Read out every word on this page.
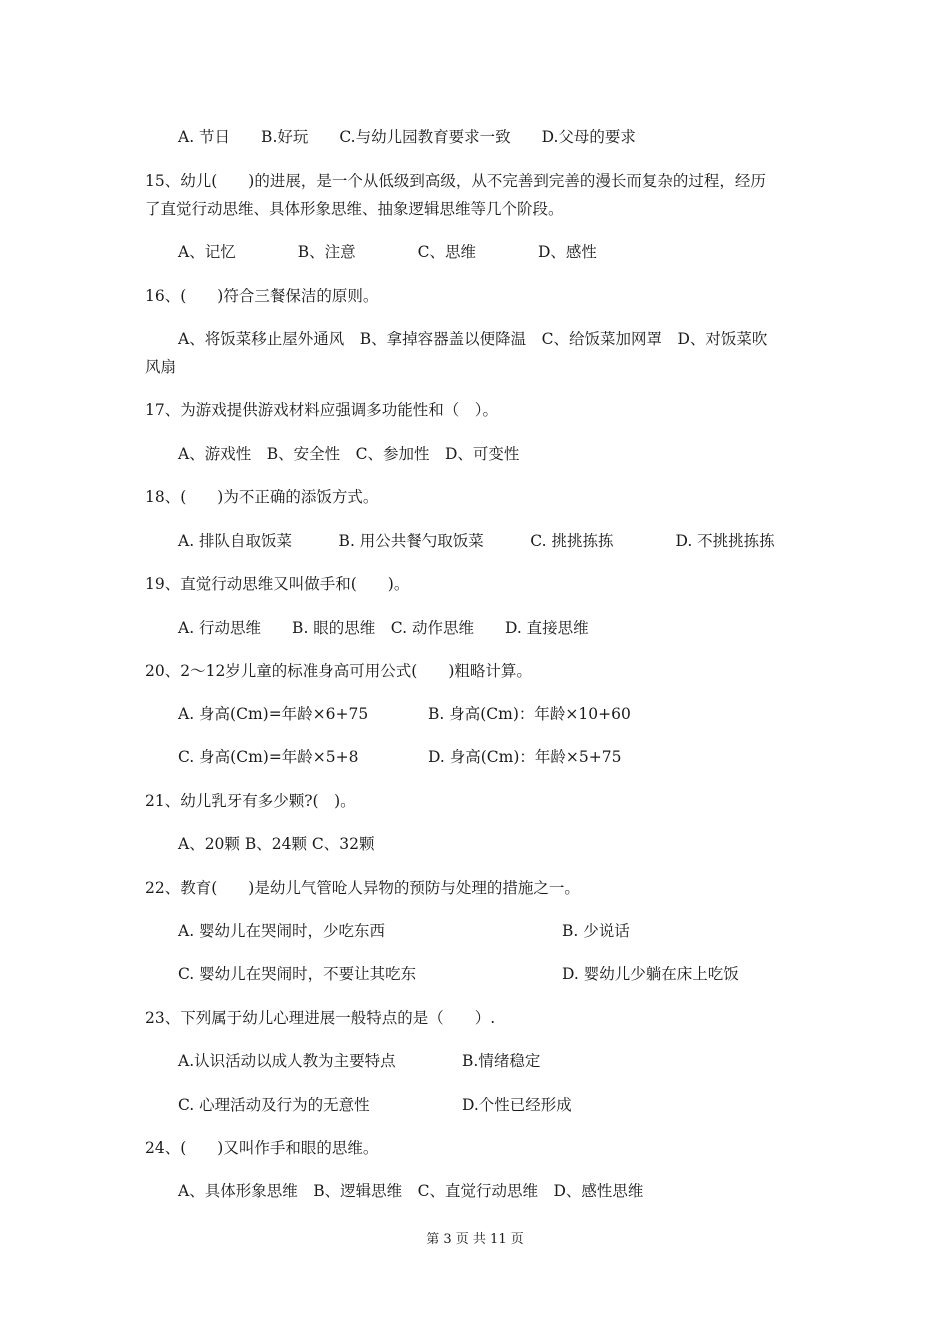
A. 节日　　B.好玩　　C.与幼儿园教育要求一致　　D.父母的要求
15、幼儿(　　)的进展，是一个从低级到高级，从不完善到完善的漫长而复杂的过程，经历
了直觉行动思维、具体形象思维、抽象逻辑思维等几个阶段。
A、记忆　　　　B、注意　　　　C、思维　　　　D、感性
16、(　　)符合三餐保洁的原则。
A、将饭菜移止屋外通风　B、拿掉容器盖以便降温　C、给饭菜加网罩　D、对饭菜吹
风扇
17、为游戏提供游戏材料应强调多功能性和（　）。
A、游戏性　B、安全性　C、参加性　D、可变性
18、(　　)为不正确的添饭方式。
A. 排队自取饭菜　　　B. 用公共餐勺取饭菜　　　C. 挑挑拣拣　　　　D. 不挑挑拣拣
19、直觉行动思维又叫做手和(　　)。
A. 行动思维　　B. 眼的思维　C. 动作思维　　D. 直接思维
20、2～12岁儿童的标准身高可用公式(　　)粗略计算。
A. 身高(Cm)=年龄×6+75	B. 身高(Cm)：年龄×10+60
C. 身高(Cm)=年龄×5+8	D. 身高(Cm)：年龄×5+75
21、幼儿乳牙有多少颗?(　)。
A、20颗 B、24颗 C、32颗
22、教育(　　)是幼儿气管呛人异物的预防与处理的措施之一。
A. 婴幼儿在哭闹时，少吃东西	B. 少说话
C. 婴幼儿在哭闹时，不要让其吃东	D. 婴幼儿少躺在床上吃饭
23、下列属于幼儿心理进展一般特点的是（　　）.
A.认识活动以成人教为主要特点	B.情绪稳定
C. 心理活动及行为的无意性	D.个性已经形成
24、(　　)又叫作手和眼的思维。
A、具体形象思维　B、逻辑思维　C、直觉行动思维　D、感性思维
第 3 页 共 11 页
